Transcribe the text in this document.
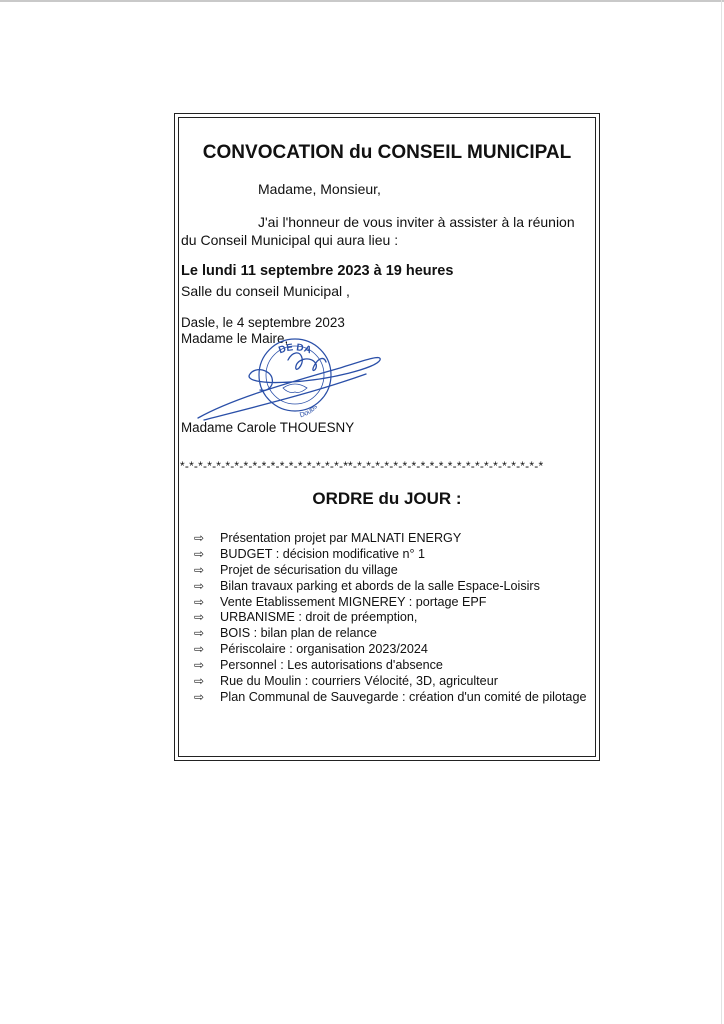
CONVOCATION du CONSEIL MUNICIPAL
Madame, Monsieur,
J'ai l'honneur de vous inviter à assister à la réunion
du Conseil Municipal qui aura lieu :
Le lundi 11 septembre 2023 à 19 heures
Salle du conseil Municipal ,
Dasle, le 4 septembre 2023
Madame le Maire,
DE DA
Doubs
Madame Carole THOUESNY
*-*-*-*-*-*-*-*-*-*-*-*-*-*-*-*-*-*-**-*-*-*-*-*-*-*-*-*-*-*-*-*-*-*-*-*-*-*-*-*
ORDRE du JOUR :
⇨	Présentation projet par MALNATI ENERGY
⇨	BUDGET : décision modificative n° 1
⇨	Projet de sécurisation du village
⇨	Bilan travaux parking et abords de la salle Espace-Loisirs
⇨	Vente Etablissement MIGNEREY : portage EPF
⇨	URBANISME : droit de préemption,
⇨	BOIS : bilan plan de relance
⇨	Périscolaire : organisation 2023/2024
⇨	Personnel : Les autorisations d'absence
⇨	Rue du Moulin : courriers Vélocité, 3D, agriculteur
⇨	Plan Communal de Sauvegarde : création d'un comité de pilotage
